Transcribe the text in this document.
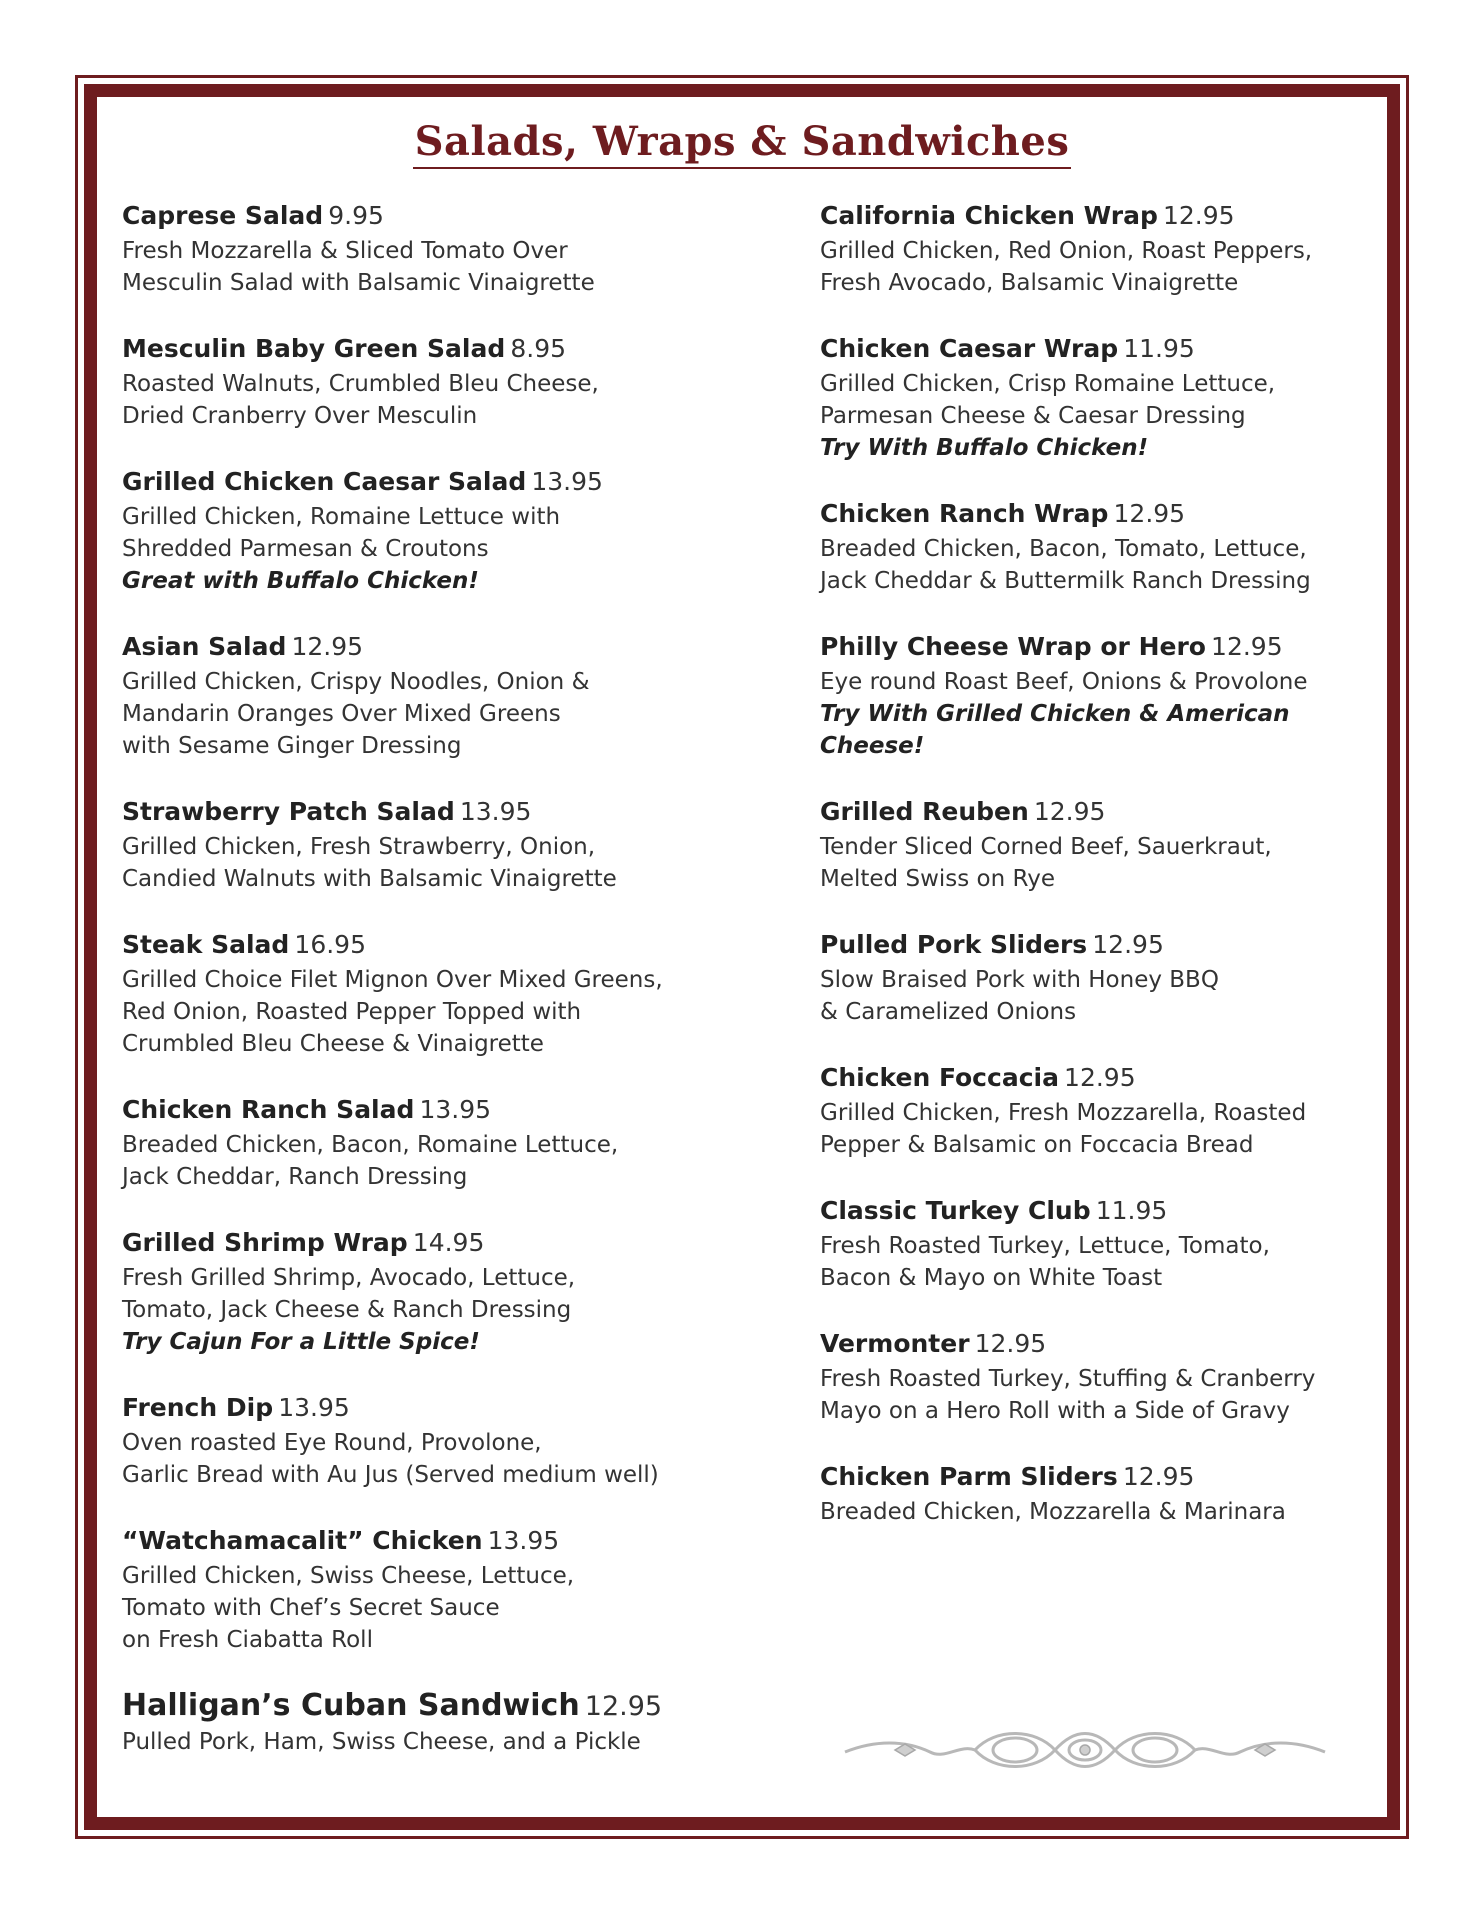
Salads, Wraps & Sandwiches
Caprese Salad 9.95
Fresh Mozzarella & Sliced Tomato Over
Mesculin Salad with Balsamic Vinaigrette
Mesculin Baby Green Salad 8.95
Roasted Walnuts, Crumbled Bleu Cheese,
Dried Cranberry Over Mesculin
Grilled Chicken Caesar Salad 13.95
Grilled Chicken, Romaine Lettuce with
Shredded Parmesan & Croutons
Great with Buffalo Chicken!
Asian Salad 12.95
Grilled Chicken, Crispy Noodles, Onion &
Mandarin Oranges Over Mixed Greens
with Sesame Ginger Dressing
Strawberry Patch Salad 13.95
Grilled Chicken, Fresh Strawberry, Onion,
Candied Walnuts with Balsamic Vinaigrette
Steak Salad 16.95
Grilled Choice Filet Mignon Over Mixed Greens,
Red Onion, Roasted Pepper Topped with
Crumbled Bleu Cheese & Vinaigrette
Chicken Ranch Salad 13.95
Breaded Chicken, Bacon, Romaine Lettuce,
Jack Cheddar, Ranch Dressing
Grilled Shrimp Wrap 14.95
Fresh Grilled Shrimp, Avocado, Lettuce,
Tomato, Jack Cheese & Ranch Dressing
Try Cajun For a Little Spice!
French Dip 13.95
Oven roasted Eye Round, Provolone,
Garlic Bread with Au Jus (Served medium well)
“Watchamacalit” Chicken 13.95
Grilled Chicken, Swiss Cheese, Lettuce,
Tomato with Chef’s Secret Sauce
on Fresh Ciabatta Roll
Halligan’s Cuban Sandwich 12.95
Pulled Pork, Ham, Swiss Cheese, and a Pickle
California Chicken Wrap 12.95
Grilled Chicken, Red Onion, Roast Peppers,
Fresh Avocado, Balsamic Vinaigrette
Chicken Caesar Wrap 11.95
Grilled Chicken, Crisp Romaine Lettuce,
Parmesan Cheese & Caesar Dressing
Try With Buffalo Chicken!
Chicken Ranch Wrap 12.95
Breaded Chicken, Bacon, Tomato, Lettuce,
Jack Cheddar & Buttermilk Ranch Dressing
Philly Cheese Wrap or Hero 12.95
Eye round Roast Beef, Onions & Provolone
Try With Grilled Chicken & American Cheese!
Grilled Reuben 12.95
Tender Sliced Corned Beef, Sauerkraut,
Melted Swiss on Rye
Pulled Pork Sliders 12.95
Slow Braised Pork with Honey BBQ
& Caramelized Onions
Chicken Foccacia 12.95
Grilled Chicken, Fresh Mozzarella, Roasted
Pepper & Balsamic on Foccacia Bread
Classic Turkey Club 11.95
Fresh Roasted Turkey, Lettuce, Tomato,
Bacon & Mayo on White Toast
Vermonter 12.95
Fresh Roasted Turkey, Stuffing & Cranberry
Mayo on a Hero Roll with a Side of Gravy
Chicken Parm Sliders 12.95
Breaded Chicken, Mozzarella & Marinara
